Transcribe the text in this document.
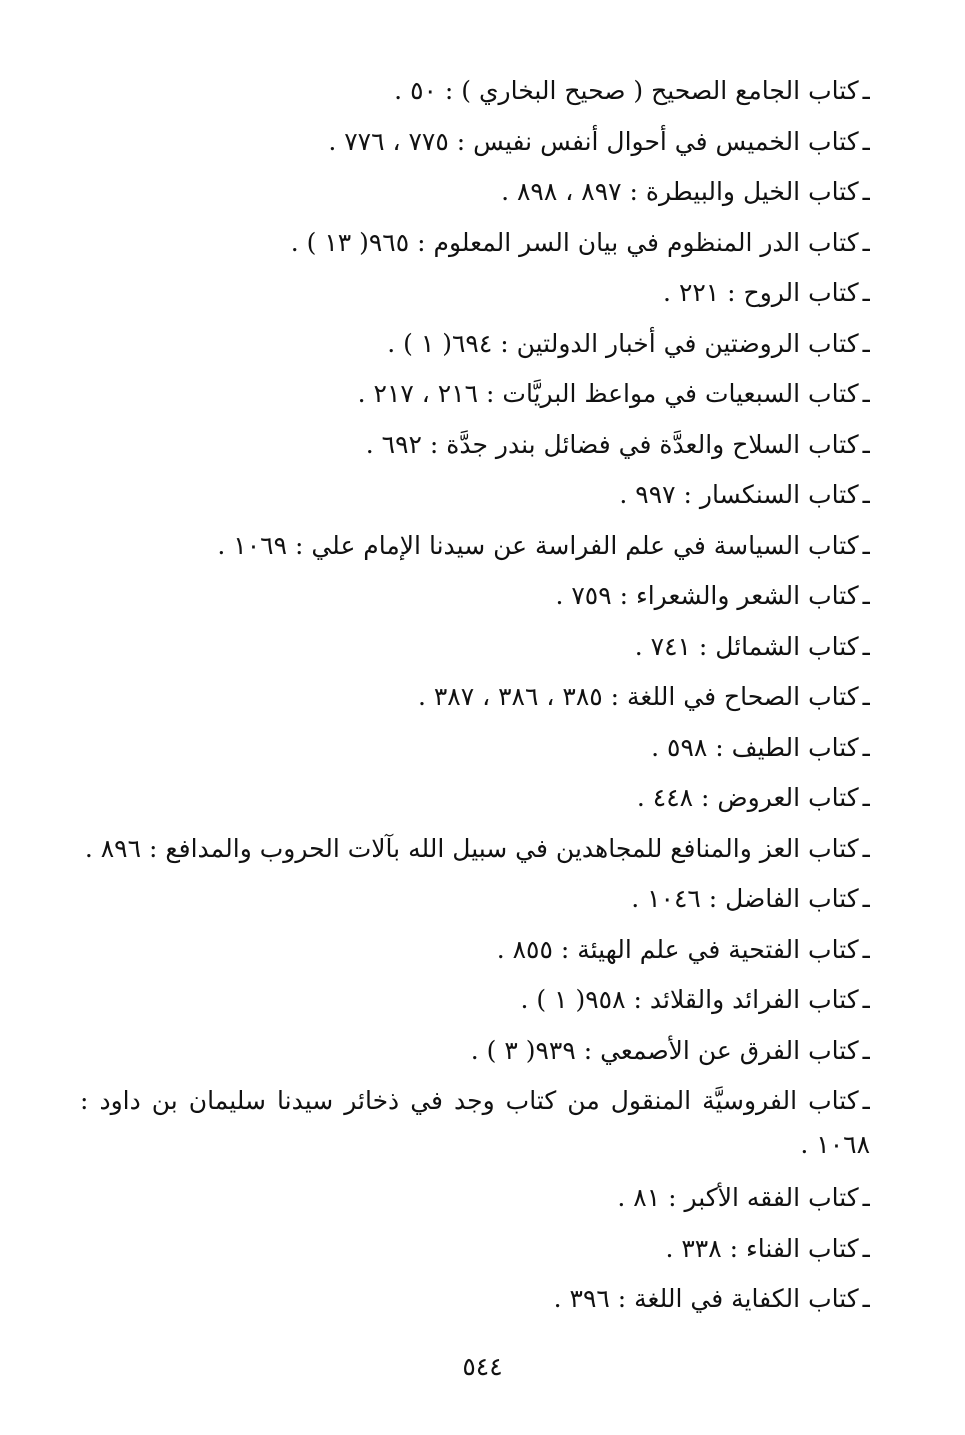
ـكتاب الجامع الصحيح ( صحيح البخاري ) : ٥٠ .
ـكتاب الخميس في أحوال أنفس نفيس : ٧٧٥ ، ٧٧٦ .
ـكتاب الخيل والبيطرة : ٨٩٧ ، ٨٩٨ .
ـكتاب الدر المنظوم في بيان السر المعلوم : ٩٦٥( ١٣ ) .
ـكتاب الروح : ٢٢١ .
ـكتاب الروضتين في أخبار الدولتين : ٦٩٤( ١ ) .
ـكتاب السبعيات في مواعظ البريَّات : ٢١٦ ، ٢١٧ .
ـكتاب السلاح والعدَّة في فضائل بندر جدَّة : ٦٩٢ .
ـكتاب السنكسار : ٩٩٧ .
ـكتاب السياسة في علم الفراسة عن سيدنا الإمام علي : ١٠٦٩ .
ـكتاب الشعر والشعراء : ٧٥٩ .
ـكتاب الشمائل : ٧٤١ .
ـكتاب الصحاح في اللغة : ٣٨٥ ، ٣٨٦ ، ٣٨٧ .
ـكتاب الطيف : ٥٩٨ .
ـكتاب العروض : ٤٤٨ .
ـكتاب العز والمنافع للمجاهدين في سبيل الله بآلات الحروب والمدافع : ٨٩٦ .
ـكتاب الفاضل : ١٠٤٦ .
ـكتاب الفتحية في علم الهيئة : ٨٥٥ .
ـكتاب الفرائد والقلائد : ٩٥٨( ١ ) .
ـكتاب الفرق عن الأصمعي : ٩٣٩( ٣ ) .
ـكتاب الفروسيَّة المنقول من كتاب وجد في ذخائر سيدنا سليمان بن داود : ١٠٦٨ .
ـكتاب الفقه الأكبر : ٨١ .
ـكتاب الفناء : ٣٣٨ .
ـكتاب الكفاية في اللغة : ٣٩٦ .
٥٤٤
